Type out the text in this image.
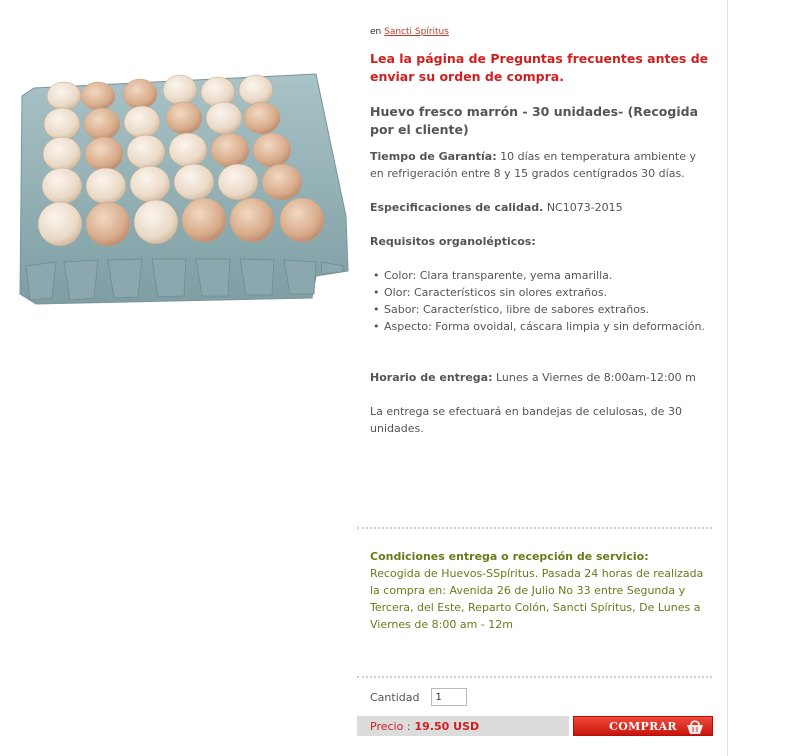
en Sancti Spíritus
Lea la página de Preguntas frecuentes antes de enviar su orden de compra.
Huevo fresco marrón - 30 unidades- (Recogida por el cliente)

Tiempo de Garantía: 10 días en temperatura ambiente y en refrigeración entre 8 y 15 grados centígrados 30 días.

Especificaciones de calidad. NC1073-2015

Requisitos organolépticos:

• Color: Clara transparente, yema amarilla.
• Olor: Característicos sin olores extraños.
• Sabor: Característico, libre de sabores extraños.
• Aspecto: Forma ovoidal, cáscara limpia y sin deformación.

Horario de entrega: Lunes a Viernes de 8:00am-12:00 m

La entrega se efectuará en bandejas de celulosas, de 30 unidades.

Condiciones entrega o recepción de servicio:

Recogida de Huevos-SSpíritus. Pasada 24 horas de realizada la compra en: Avenida 26 de Julio No 33 entre Segunda y Tercera, del Este, Reparto Colón, Sancti Spíritus, De Lunes a Viernes de 8:00 am - 12m

Cantidad
1
Precio : 19.50 USD	COMPRAR
